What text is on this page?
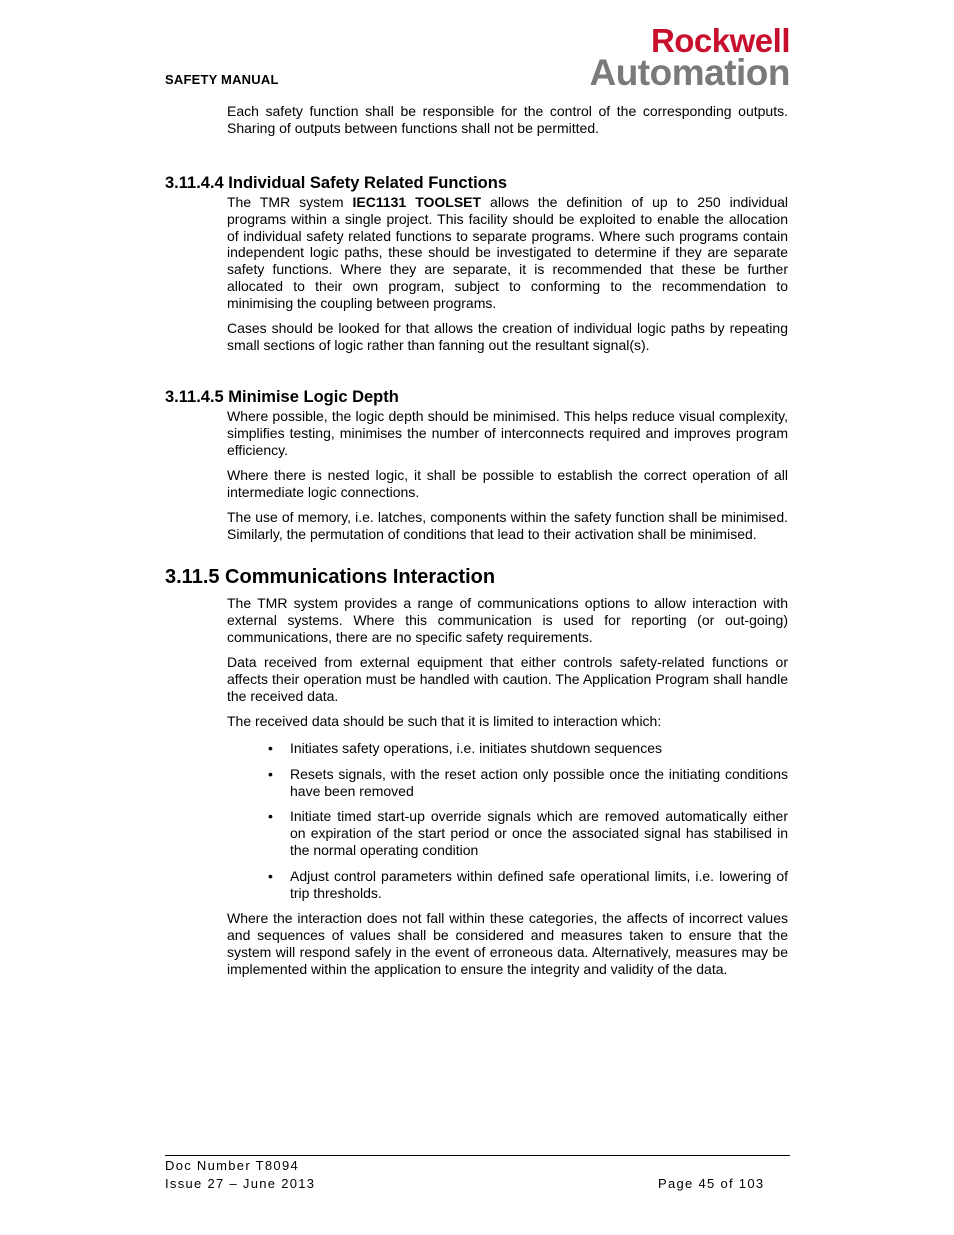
SAFETY MANUAL
Rockwell
Automation

Each safety function shall be responsible for the control of the corresponding outputs. Sharing of outputs between functions shall not be permitted.

3.11.4.4 Individual Safety Related Functions

The TMR system IEC1131 TOOLSET allows the definition of up to 250 individual programs within a single project. This facility should be exploited to enable the allocation of individual safety related functions to separate programs. Where such programs contain independent logic paths, these should be investigated to determine if they are separate safety functions. Where they are separate, it is recommended that these be further allocated to their own program, subject to conforming to the recommendation to minimising the coupling between programs.

Cases should be looked for that allows the creation of individual logic paths by repeating small sections of logic rather than fanning out the resultant signal(s).

3.11.4.5 Minimise Logic Depth

Where possible, the logic depth should be minimised. This helps reduce visual complexity, simplifies testing, minimises the number of interconnects required and improves program efficiency.

Where there is nested logic, it shall be possible to establish the correct operation of all intermediate logic connections.

The use of memory, i.e. latches, components within the safety function shall be minimised. Similarly, the permutation of conditions that lead to their activation shall be minimised.

3.11.5 Communications Interaction

The TMR system provides a range of communications options to allow interaction with external systems. Where this communication is used for reporting (or out-going) communications, there are no specific safety requirements.

Data received from external equipment that either controls safety-related functions or affects their operation must be handled with caution. The Application Program shall handle the received data.

The received data should be such that it is limited to interaction which:

• Initiates safety operations, i.e. initiates shutdown sequences
• Resets signals, with the reset action only possible once the initiating conditions have been removed
• Initiate timed start-up override signals which are removed automatically either on expiration of the start period or once the associated signal has stabilised in the normal operating condition
• Adjust control parameters within defined safe operational limits, i.e. lowering of trip thresholds.

Where the interaction does not fall within these categories, the affects of incorrect values and sequences of values shall be considered and measures taken to ensure that the system will respond safely in the event of erroneous data. Alternatively, measures may be implemented within the application to ensure the integrity and validity of the data.

Doc Number T8094
Issue 27 – June 2013	Page 45 of 103
